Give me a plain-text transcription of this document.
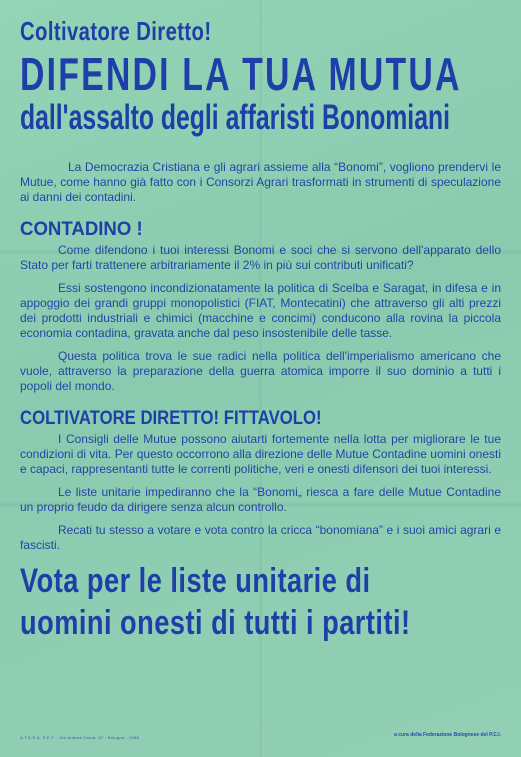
Coltivatore Diretto!
DIFENDI LA TUA MUTUA
dall'assalto degli affaristi Bonomiani

La Democrazia Cristiana e gli agrari assieme alla “Bonomi”, vogliono prendervi le Mutue, come hanno già fatto con i Consorzi Agrari trasformati in strumenti di speculazione ai danni dei contadini.

CONTADINO !

Come difendono i tuoi interessi Bonomi e soci che si servono dell'apparato dello Stato per farti trattenere arbitrariamente il 2% in più sui contributi unificati?

Essi sostengono incondizionatamente la politica di Scelba e Saragat, in difesa e in appoggio dei grandi gruppi monopolistici (FIAT, Montecatini) che attraverso gli alti prezzi dei prodotti industriali e chimici (macchine e concimi) conducono alla rovina la piccola economia contadina, gravata anche dal peso insostenibile delle tasse.

Questa politica trova le sue radici nella politica dell'imperialismo americano che vuole, attraverso la preparazione della guerra atomica imporre il suo dominio a tutti i popoli del mondo.

COLTIVATORE DIRETTO! FITTAVOLO!

I Consigli delle Mutue possono aiutarti fortemente nella lotta per migliorare le tue condizioni di vita. Per questo occorrono alla direzione delle Mutue Contadine uomini onesti e capaci, rappresentanti tutte le correnti politiche, veri e onesti difensori dei tuoi interessi.

Le liste unitarie impediranno che la “Bonomi„ riesca a fare delle Mutue Contadine un proprio feudo da dirigere senza alcun controllo.

Recati tu stesso a votare e vota contro la cricca “bonomiana” e i suoi amici agrari e fascisti.

Vota per le liste unitarie di
uomini onesti di tutti i partiti!
A.T.E.S.A. S.E.T. - Via Andrea Costa, 37 - Bologna - 1958	a cura della Federazione Bolognese del P.C.I.
